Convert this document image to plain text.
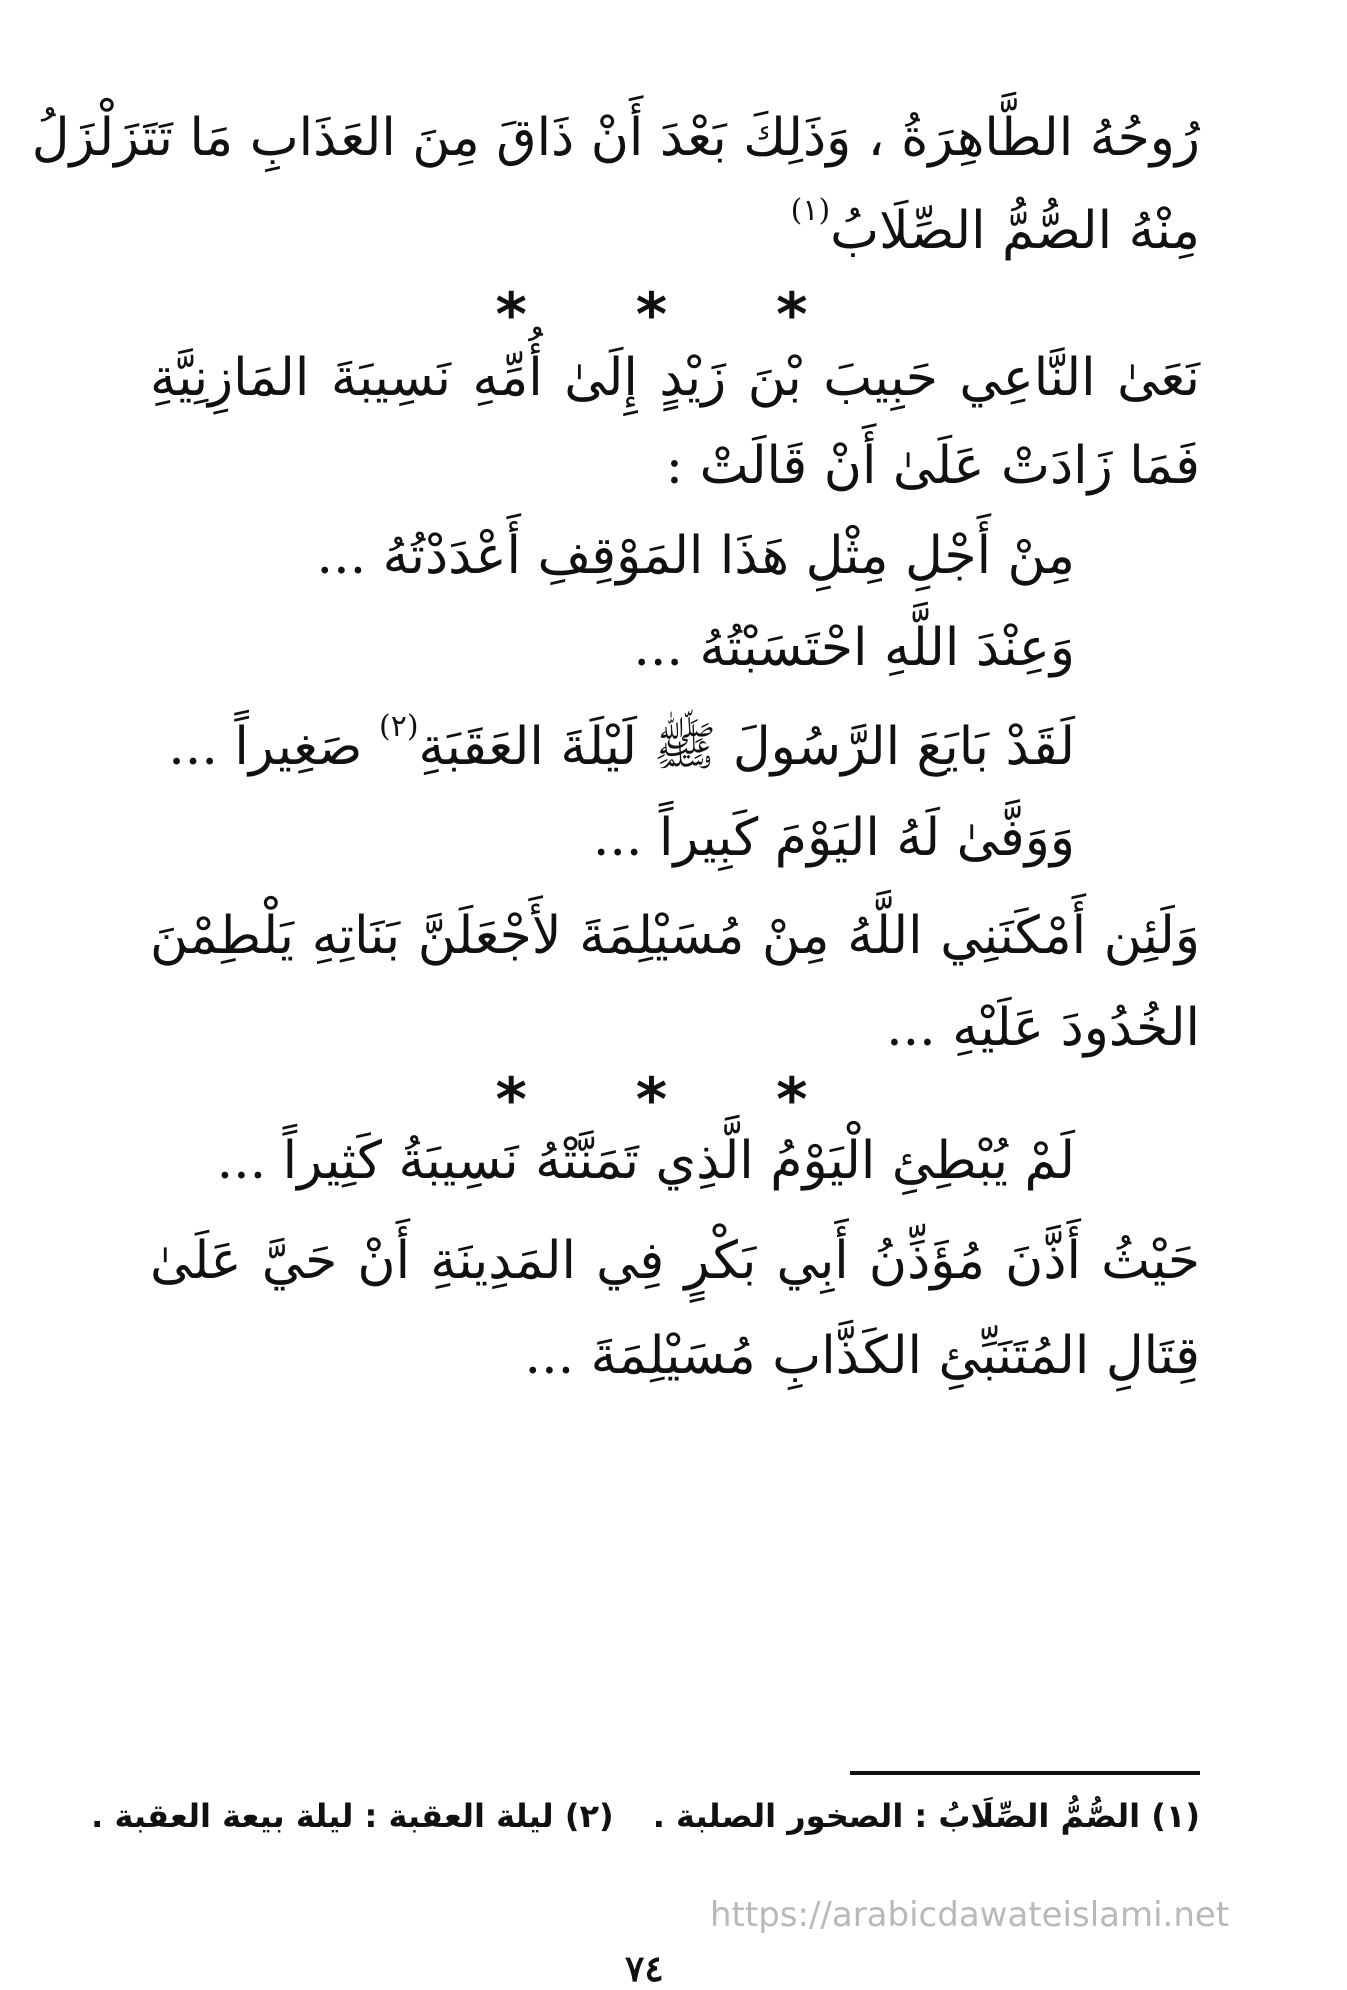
رُوحُهُ الطَّاهِرَةُ ، وَذَلِكَ بَعْدَ أَنْ ذَاقَ مِنَ العَذَابِ مَا تَتَزَلْزَلُ
مِنْهُ الصُّمُّ الصِّلَابُ$^{(١)}$
* * *
نَعَىٰ النَّاعِي حَبِيبَ بْنَ زَيْدٍ إِلَىٰ أُمِّهِ نَسِيبَةَ المَازِنِيَّةِ
فَمَا زَادَتْ عَلَىٰ أَنْ قَالَتْ :
مِنْ أَجْلِ مِثْلِ هَذَا المَوْقِفِ أَعْدَدْتُهُ ...
وَعِنْدَ اللَّهِ احْتَسَبْتُهُ ...
لَقَدْ بَايَعَ الرَّسُولَ ﷺ لَيْلَةَ العَقَبَةِ$^{(٢)}$ صَغِيراً ...
وَوَفَّىٰ لَهُ اليَوْمَ كَبِيراً ...
وَلَئِن أَمْكَنَنِي اللَّهُ مِنْ مُسَيْلِمَةَ لأَجْعَلَنَّ بَنَاتِهِ يَلْطِمْنَ
الخُدُودَ عَلَيْهِ ...
* * *
لَمْ يُبْطِئِ الْيَوْمُ الَّذِي تَمَنَّتْهُ نَسِيبَةُ كَثِيراً ...
حَيْثُ أَذَّنَ مُؤَذِّنُ أَبِي بَكْرٍ فِي المَدِينَةِ أَنْ حَيَّ عَلَىٰ
قِتَالِ المُتَنَبِّئِ الكَذَّابِ مُسَيْلِمَةَ ...
(١) الصُّمُّ الصِّلَابُ : الصخور الصلبة . (٢) ليلة العقبة : ليلة بيعة العقبة .
https://arabicdawateislami.net
٧٤
